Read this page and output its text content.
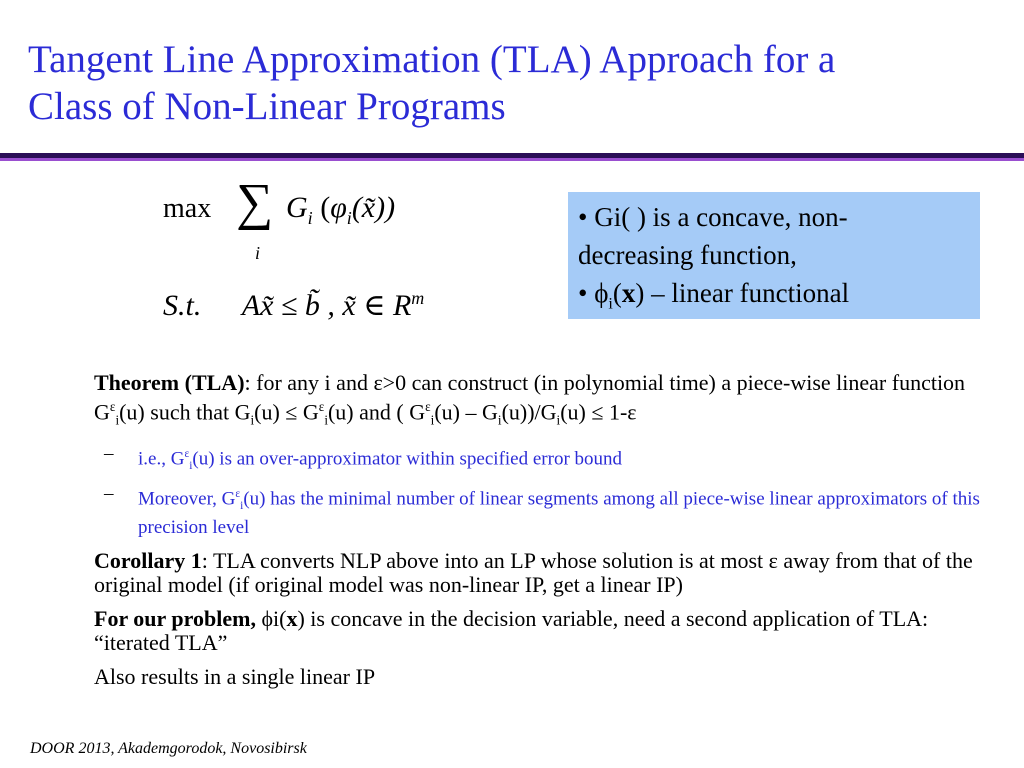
Tangent Line Approximation (TLA) Approach for a
Class of Non-Linear Programs
max ∑
i
$G_i$ $(\varphi_i(x̃))$
S.t. Ax̃ ≤ b̃ , x̃ ∈ $R^m$
• Gi( ) is a concave, non-
decreasing function,
• $\phi_i(x)$ – linear functional
Theorem (TLA): for any i and ε>0 can construct (in polynomial time) a piece-wise linear function $G^\varepsilon_i(u)$ such that $G_i(u) \le G^\varepsilon_i(u)$ and ( $G^\varepsilon_i(u) - G_i(u))/G_i(u) \le 1-\varepsilon$
– i.e., $G^\varepsilon_i(u)$ is an over-approximator within specified error bound
– Moreover, $G^\varepsilon_i(u)$ has the minimal number of linear segments among all piece-wise linear approximators of this precision level
Corollary 1: TLA converts NLP above into an LP whose solution is at most ε away from that of the original model (if original model was non-linear IP, get a linear IP)
For our problem, ϕi(x) is concave in the decision variable, need a second application of TLA: “iterated TLA”
Also results in a single linear IP
DOOR 2013, Akademgorodok, Novosibirsk
